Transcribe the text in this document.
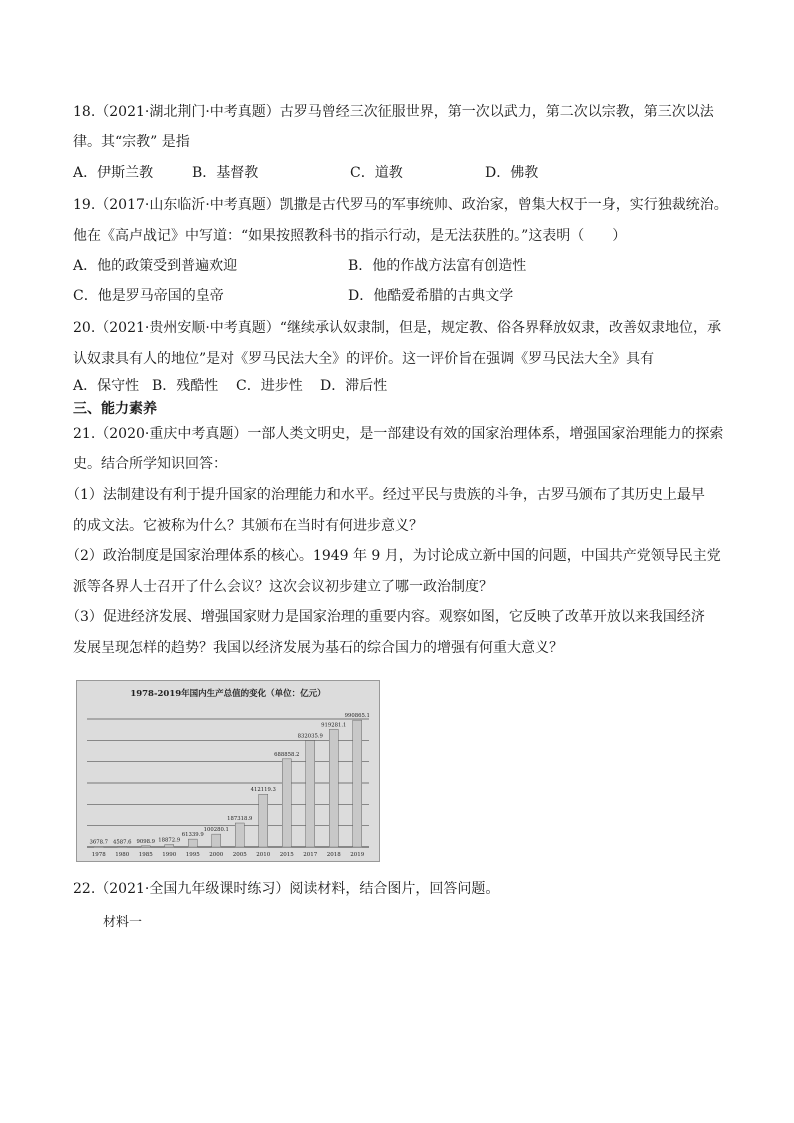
18.（2021·湖北荆门·中考真题）古罗马曾经三次征服世界，第一次以武力，第二次以宗教，第三次以法
律。其“宗教” 是指
A．伊斯兰教	B．基督教	C．道教	D．佛教
19.（2017·山东临沂·中考真题）凯撒是古代罗马的军事统帅、政治家，曾集大权于一身，实行独裁统治。
他在《高卢战记》中写道：“如果按照教科书的指示行动，是无法获胜的。”这表明（　　）
A．他的政策受到普遍欢迎	B．他的作战方法富有创造性
C．他是罗马帝国的皇帝	D．他酷爱希腊的古典文学
20.（2021·贵州安顺·中考真题）“继续承认奴隶制，但是，规定教、俗各界释放奴隶，改善奴隶地位，承
认奴隶具有人的地位”是对《罗马民法大全》的评价。这一评价旨在强调《罗马民法大全》具有
A．保守性 B．残酷性 C．进步性 D．滞后性
三、能力素养
21.（2020·重庆中考真题）一部人类文明史，是一部建设有效的国家治理体系，增强国家治理能力的探索
史。结合所学知识回答：
（1）法制建设有利于提升国家的治理能力和水平。经过平民与贵族的斗争，古罗马颁布了其历史上最早
的成文法。它被称为什么？其颁布在当时有何进步意义？
（2）政治制度是国家治理体系的核心。1949 年 9 月，为讨论成立新中国的问题，中国共产党领导民主党
派等各界人士召开了什么会议？这次会议初步建立了哪一政治制度？
（3）促进经济发展、增强国家财力是国家治理的重要内容。观察如图，它反映了改革开放以来我国经济
发展呈现怎样的趋势？我国以经济发展为基石的综合国力的增强有何重大意义？
1978-2019年国内生产总值的变化（单位：亿元）
3678.7 4587.6 9098.9 18872.9
61339.9
100280.1
187318.9
412119.3
688858.2
832035.9
919281.1
990865.1
1978 1980 1985 1990 1995 2000 2005 2010 2015 2017 2018 2019
22.（2021·全国九年级课时练习）阅读材料，结合图片，回答问题。
材料一
